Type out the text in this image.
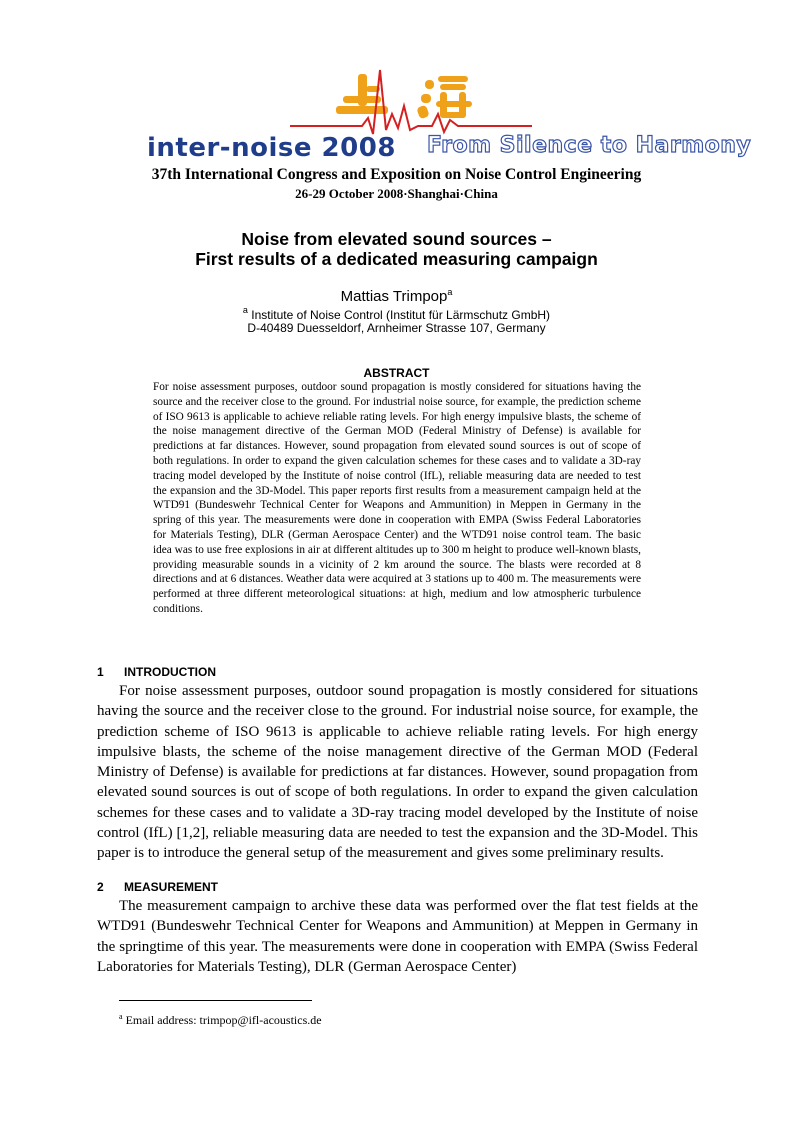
inter-noise 2008 From Silence to Harmony
37th International Congress and Exposition on Noise Control Engineering
26-29 October 2008·Shanghai·China
Noise from elevated sound sources –
First results of a dedicated measuring campaign
Mattias Trimpop$^a$
$^a$ Institute of Noise Control (Institut für Lärmschutz GmbH)
D-40489 Duesseldorf, Arnheimer Strasse 107, Germany
ABSTRACT

For noise assessment purposes, outdoor sound propagation is mostly considered for situations having the source and the receiver close to the ground. For industrial noise source, for example, the prediction scheme of ISO 9613 is applicable to achieve reliable rating levels. For high energy impulsive blasts, the scheme of the noise management directive of the German MOD (Federal Ministry of Defense) is available for predictions at far distances. However, sound propagation from elevated sound sources is out of scope of both regulations. In order to expand the given calculation schemes for these cases and to validate a 3D-ray tracing model developed by the Institute of noise control (IfL), reliable measuring data are needed to test the expansion and the 3D-Model. This paper reports first results from a measurement campaign held at the WTD91 (Bundeswehr Technical Center for Weapons and Ammunition) in Meppen in Germany in the spring of this year. The measurements were done in cooperation with EMPA (Swiss Federal Laboratories for Materials Testing), DLR (German Aerospace Center) and the WTD91 noise control team. The basic idea was to use free explosions in air at different altitudes up to 300 m height to produce well-known blasts, providing measurable sounds in a vicinity of 2 km around the source. The blasts were recorded at 8 directions and at 6 distances. Weather data were acquired at 3 stations up to 400 m. The measurements were performed at three different meteorological situations: at high, medium and low atmospheric turbulence conditions.

1 INTRODUCTION

For noise assessment purposes, outdoor sound propagation is mostly considered for situations having the source and the receiver close to the ground. For industrial noise source, for example, the prediction scheme of ISO 9613 is applicable to achieve reliable rating levels. For high energy impulsive blasts, the scheme of the noise management directive of the German MOD (Federal Ministry of Defense) is available for predictions at far distances. However, sound propagation from elevated sound sources is out of scope of both regulations. In order to expand the given calculation schemes for these cases and to validate a 3D-ray tracing model developed by the Institute of noise control (IfL) [1,2], reliable measuring data are needed to test the expansion and the 3D-Model. This paper is to introduce the general setup of the measurement and gives some preliminary results.

2 MEASUREMENT

The measurement campaign to archive these data was performed over the flat test fields at the WTD91 (Bundeswehr Technical Center for Weapons and Ammunition) at Meppen in Germany in the springtime of this year. The measurements were done in cooperation with EMPA (Swiss Federal Laboratories for Materials Testing), DLR (German Aerospace Center)

$^a$ Email address: trimpop@ifl-acoustics.de
